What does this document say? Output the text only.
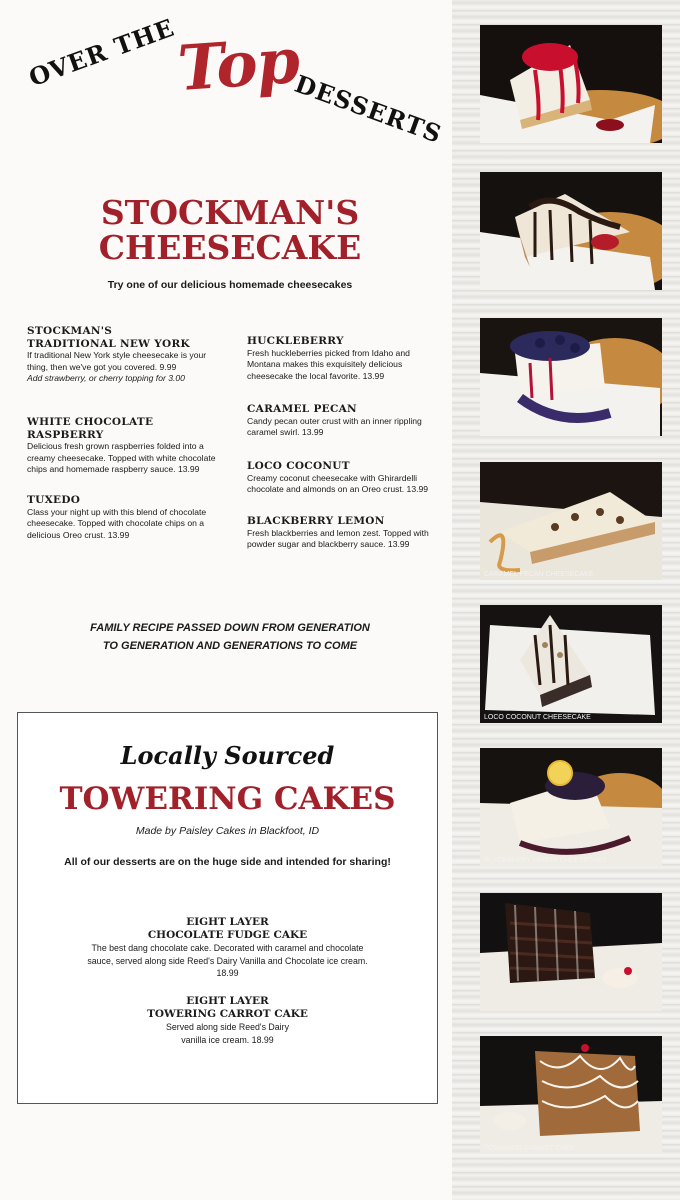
OVER THE
Top
DESSERTS
STOCKMAN'S
CHEESECAKE
Try one of our delicious homemade cheesecakes
STOCKMAN'S
TRADITIONAL NEW YORK
If traditional New York style cheesecake is your thing, then we've got you covered. 9.99
Add strawberry, or cherry topping for 3.00
WHITE CHOCOLATE RASPBERRY
Delicious fresh grown raspberries folded into a creamy cheesecake. Topped with white chocolate chips and homemade raspberry sauce. 13.99
TUXEDO
Class your night up with this blend of chocolate cheesecake. Topped with chocolate chips on a delicious Oreo crust. 13.99
HUCKLEBERRY
Fresh huckleberries picked from Idaho and Montana makes this exquisitely delicious cheesecake the local favorite. 13.99
CARAMEL PECAN
Candy pecan outer crust with an inner rippling caramel swirl. 13.99
LOCO COCONUT
Creamy coconut cheesecake with Ghirardelli chocolate and almonds on an Oreo crust. 13.99
BLACKBERRY LEMON
Fresh blackberries and lemon zest. Topped with powder sugar and blackberry sauce. 13.99
FAMILY RECIPE PASSED DOWN FROM GENERATION
TO GENERATION AND GENERATIONS TO COME
Locally Sourced
TOWERING CAKES
Made by Paisley Cakes in Blackfoot, ID
All of our desserts are on the huge side and intended for sharing!
EIGHT LAYER
CHOCOLATE FUDGE CAKE
The best dang chocolate cake. Decorated with caramel and chocolate sauce, served along side Reed's Dairy Vanilla and Chocolate ice cream. 18.99
EIGHT LAYER
TOWERING CARROT CAKE
Served along side Reed's Dairy vanilla ice cream. 18.99
WHITE CHOCOLATE RASPBERRY CHEESECAKE
CARAMEL PECAN CHEESECAKE
LOCO COCONUT CHEESECAKE
BLACKBERRY LEMON CHEESECAKE
TOWERING CARROT CAKE
